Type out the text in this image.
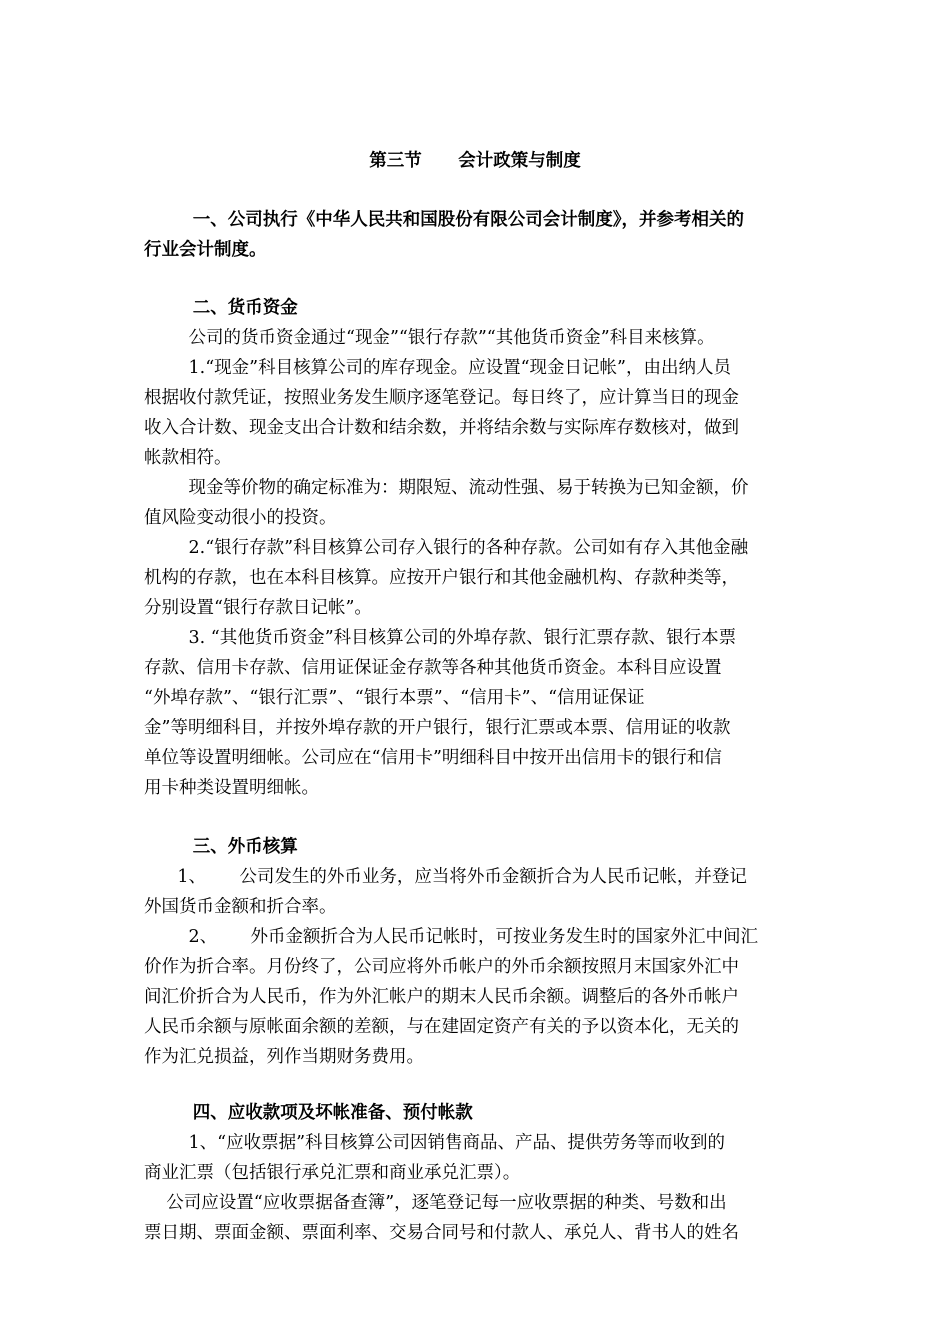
第三节      会计政策与制度
一、公司执行《中华人民共和国股份有限公司会计制度》，并参考相关的
行业会计制度。
二、货币资金
公司的货币资金通过“现金”“银行存款”“其他货币资金”科目来核算。
1.“现金”科目核算公司的库存现金。应设置“现金日记帐”，由出纳人员
根据收付款凭证，按照业务发生顺序逐笔登记。每日终了，应计算当日的现金
收入合计数、现金支出合计数和结余数，并将结余数与实际库存数核对，做到
帐款相符。
现金等价物的确定标准为：期限短、流动性强、易于转换为已知金额，价
值风险变动很小的投资。
2.“银行存款”科目核算公司存入银行的各种存款。公司如有存入其他金融
机构的存款，也在本科目核算。应按开户银行和其他金融机构、存款种类等，
分别设置“银行存款日记帐”。
3. “其他货币资金”科目核算公司的外埠存款、银行汇票存款、银行本票
存款、信用卡存款、信用证保证金存款等各种其他货币资金。本科目应设置
“外埠存款”、“银行汇票”、“银行本票”、“信用卡”、“信用证保证
金”等明细科目，并按外埠存款的开户银行，银行汇票或本票、信用证的收款
单位等设置明细帐。公司应在“信用卡”明细科目中按开出信用卡的银行和信
用卡种类设置明细帐。
三、外币核算
1、      公司发生的外币业务，应当将外币金额折合为人民币记帐，并登记
外国货币金额和折合率。
2、      外币金额折合为人民币记帐时，可按业务发生时的国家外汇中间汇
价作为折合率。月份终了，公司应将外币帐户的外币余额按照月末国家外汇中
间汇价折合为人民币，作为外汇帐户的期末人民币余额。调整后的各外币帐户
人民币余额与原帐面余额的差额，与在建固定资产有关的予以资本化，无关的
作为汇兑损益，列作当期财务费用。
四、应收款项及坏帐准备、预付帐款
1、“应收票据”科目核算公司因销售商品、产品、提供劳务等而收到的
商业汇票（包括银行承兑汇票和商业承兑汇票）。
公司应设置“应收票据备查簿”，逐笔登记每一应收票据的种类、号数和出
票日期、票面金额、票面利率、交易合同号和付款人、承兑人、背书人的姓名
